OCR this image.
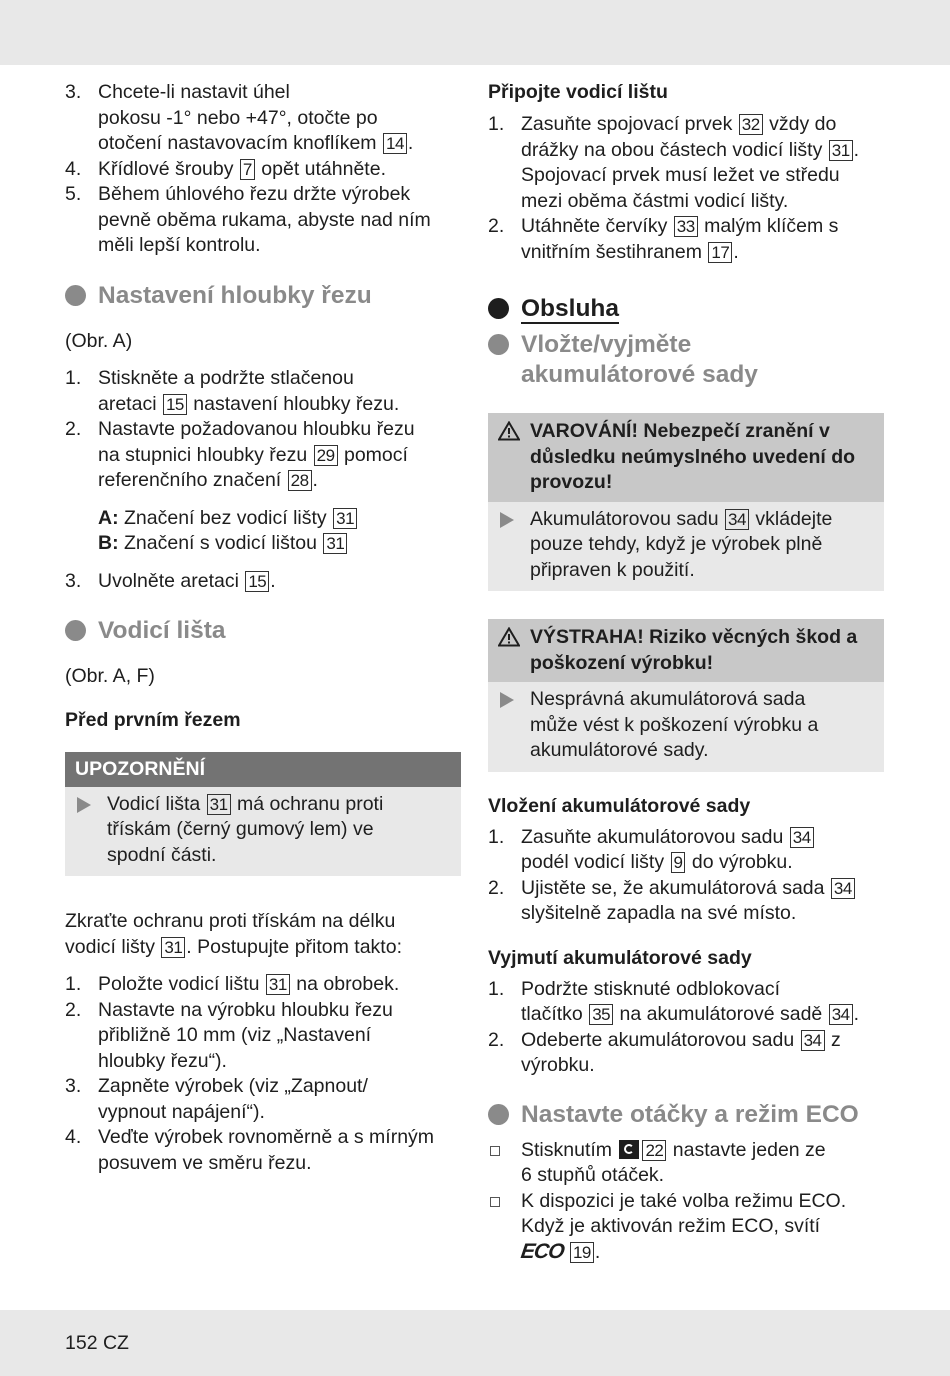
3. Chcete-li nastavit úhel
pokosu -1° nebo +47°, otočte po
otočení nastavovacím knoflíkem 14 .
4. Křídlové šrouby 7 opět utáhněte.
5. Během úhlového řezu držte výrobek
pevně oběma rukama, abyste nad ním
měli lepší kontrolu.
Nastavení hloubky řezu
(Obr. A)
1. Stiskněte a podržte stlačenou
aretaci 15 nastavení hloubky řezu.
2. Nastavte požadovanou hloubku řezu
na stupnici hloubky řezu 29 pomocí
referenčního značení 28 .
A: Značení bez vodicí lišty 31
B: Značení s vodicí lištou 31
3. Uvolněte aretaci 15 .
Vodicí lišta
(Obr. A, F)
Před prvním řezem
UPOZORNĚNÍ
Vodicí lišta 31 má ochranu proti
třískám (černý gumový lem) ve
spodní části.
Zkraťte ochranu proti třískám na délku
vodicí lišty 31 . Postupujte přitom takto:
1. Položte vodicí lištu 31 na obrobek.
2. Nastavte na výrobku hloubku řezu
přibližně 10 mm (viz „Nastavení
hloubky řezu“).
3. Zapněte výrobek (viz „Zapnout/
vypnout napájení“).
4. Veďte výrobek rovnoměrně a s mírným
posuvem ve směru řezu.
Připojte vodicí lištu
1. Zasuňte spojovací prvek 32 vždy do
drážky na obou částech vodicí lišty 31 .
Spojovací prvek musí ležet ve středu
mezi oběma částmi vodicí lišty.
2. Utáhněte červíky 33 malým klíčem s
vnitřním šestihranem 17 .
Obsluha
Vložte/vyjměte
akumulátorové sady
VAROVÁNÍ! Nebezpečí zranění v
důsledku neúmyslného uvedení do
provozu!
Akumulátorovou sadu 34 vkládejte
pouze tehdy, když je výrobek plně
připraven k použití.
VÝSTRAHA! Riziko věcných škod a
poškození výrobku!
Nesprávná akumulátorová sada
může vést k poškození výrobku a
akumulátorové sady.
Vložení akumulátorové sady
1. Zasuňte akumulátorovou sadu 34
podél vodicí lišty 9 do výrobku.
2. Ujistěte se, že akumulátorová sada 34
slyšitelně zapadla na své místo.
Vyjmutí akumulátorové sady
1. Podržte stisknuté odblokovací
tlačítko 35 na akumulátorové sadě 34 .
2. Odeberte akumulátorovou sadu 34 z
výrobku.
Nastavte otáčky a režim ECO
Stisknutím 22 nastavte jeden ze
6 stupňů otáček.
K dispozici je také volba režimu ECO.
Když je aktivován režim ECO, svítí
ECO 19 .
152 CZ
